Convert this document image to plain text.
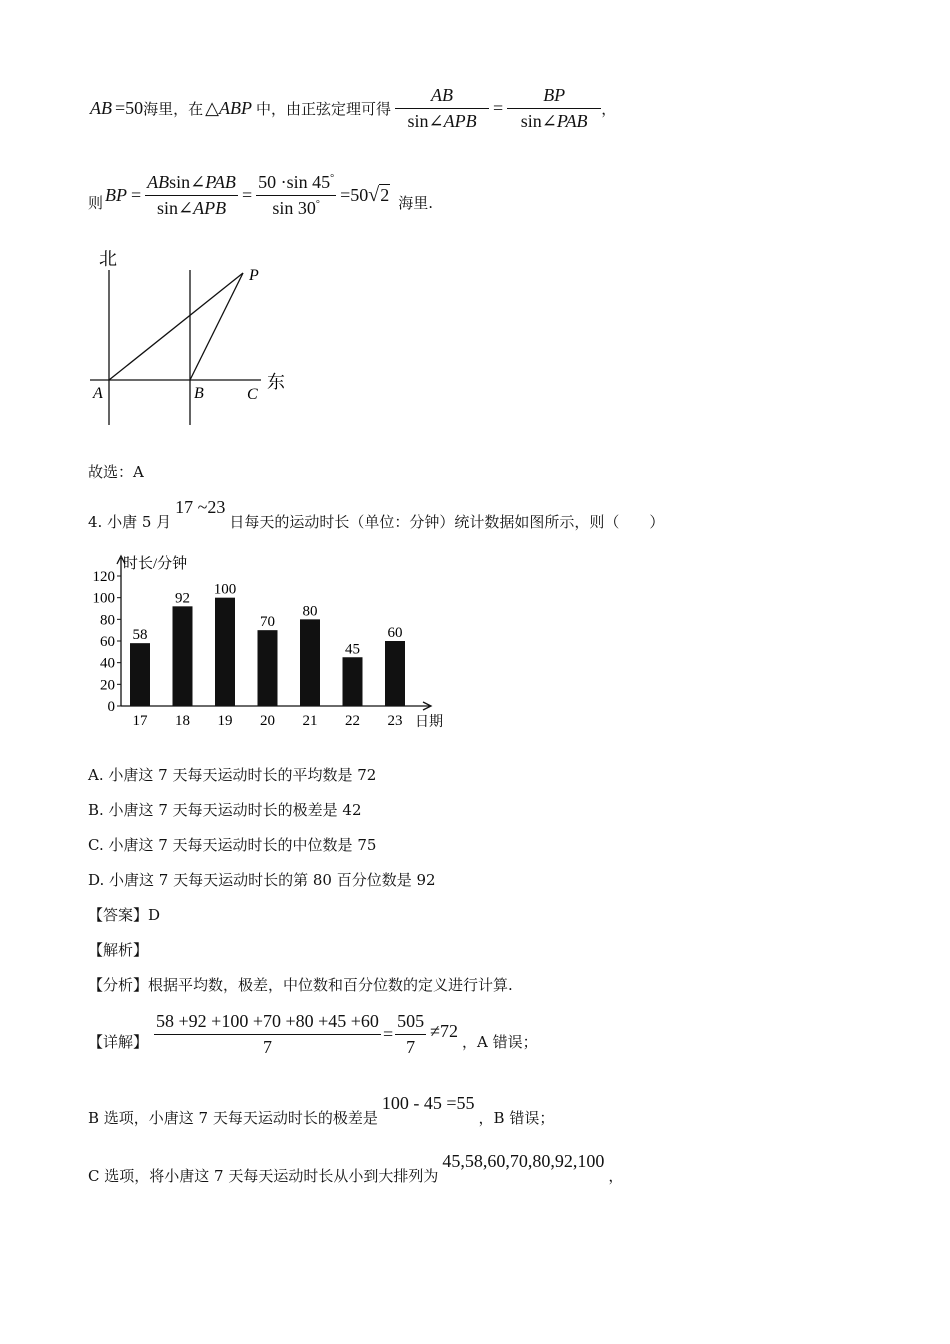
AB =50 海里，在 △ ABP 中，由正弦定理可得 $\frac{AB}{\text{sin∠APB}} = \frac{BP}{\text{sin∠PAB}}$ ，
则 BP = $\frac{\text{ABsin∠PAB}}{\text{sin∠APB}} = \frac{50 \cdot\sin 45^\circ}{\sin 30^\circ} =50$ √ 2 海里.
北
东
A	B	C
P
故选：A
4. 小唐 5 月
17 ~23
日每天的运动时长（单位：分钟）统计数据如图所示，则（　　）
时长/分钟
日期
0
20
40
60
80
100
120
58
17
92
18
100
19
70
20
80
21
45
22
60
23
A. 小唐这 7 天每天运动时长的平均数是 72
B. 小唐这 7 天每天运动时长的极差是 42
C. 小唐这 7 天每天运动时长的中位数是 75
D. 小唐这 7 天每天运动时长的第 80 百分位数是 92
【答案】D
【解析】
【分析】根据平均数，极差，中位数和百分位数的定义进行计算.
【详解】 $\frac{58 +92 +100 +70 +80 +45 +60}{7} = \frac{505}{7} \ne 72$
，A 错误；
B 选项，小唐这 7 天每天运动时长的极差是
100 - 45 =55
，B 错误；
C 选项，将小唐这 7 天每天运动时长从小到大排列为
45,58,60,70,80,92,100
，
